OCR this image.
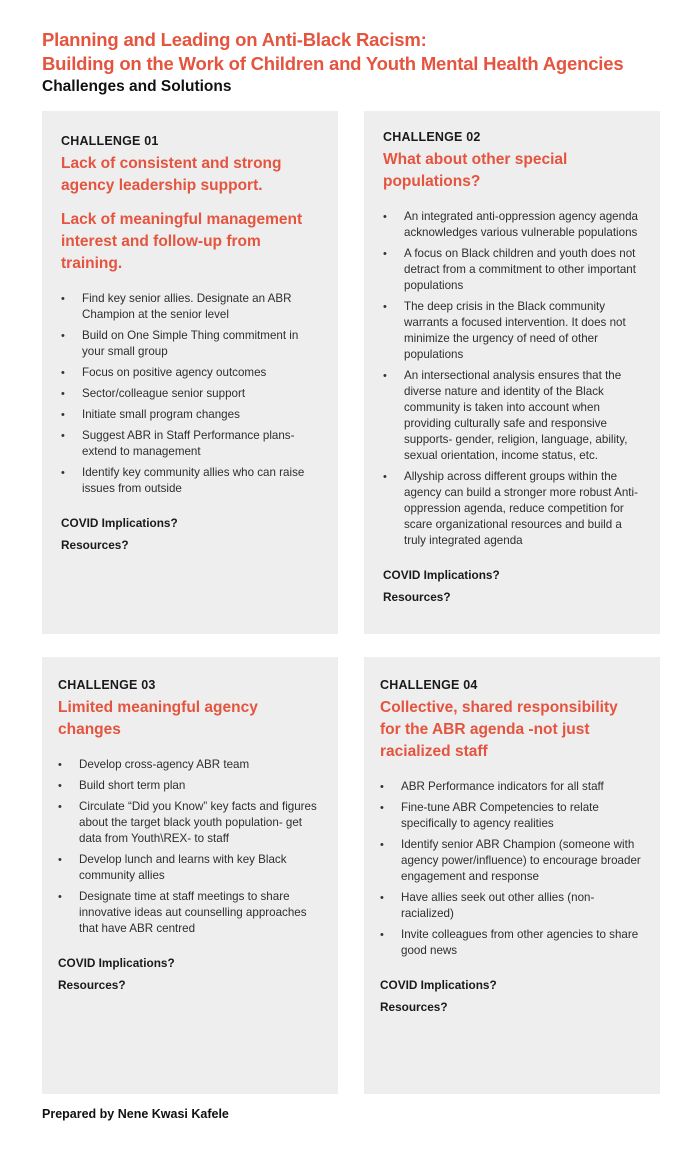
Planning and Leading on Anti-Black Racism:
Building on the Work of Children and Youth Mental Health Agencies
Challenges and Solutions
CHALLENGE 01
Lack of consistent and strong agency leadership support.
Lack of meaningful management interest and follow-up from training.
• Find key senior allies. Designate an ABR Champion at the senior level
• Build on One Simple Thing commitment in your small group
• Focus on positive agency outcomes
• Sector/colleague senior support
• Initiate small program changes
• Suggest ABR in Staff Performance plans- extend to management
• Identify key community allies who can raise issues from outside
COVID Implications?
Resources?
CHALLENGE 02
What about other special populations?
• An integrated anti-oppression agency agenda acknowledges various vulnerable populations
• A focus on Black children and youth does not detract from a commitment to other important populations
• The deep crisis in the Black community warrants a focused intervention. It does not minimize the urgency of need of other populations
• An intersectional analysis ensures that the diverse nature and identity of the Black community is taken into account when providing culturally safe and responsive supports- gender, religion, language, ability, sexual orientation, income status, etc.
• Allyship across different groups within the agency can build a stronger more robust Anti-oppression agenda, reduce competition for scare organizational resources and build a truly integrated agenda
COVID Implications?
Resources?
CHALLENGE 03
Limited meaningful agency changes
• Develop cross-agency ABR team
• Build short term plan
• Circulate “Did you Know” key facts and figures about the target black youth population- get data from Youth\REX- to staff
• Develop lunch and learns with key Black community allies
• Designate time at staff meetings to share innovative ideas aut counselling approaches that have ABR centred
COVID Implications?
Resources?
CHALLENGE 04
Collective, shared responsibility for the ABR agenda -not just racialized staff
• ABR Performance indicators for all staff
• Fine-tune ABR Competencies to relate specifically to agency realities
• Identify senior ABR Champion (someone with agency power/influence) to encourage broader engagement and response
• Have allies seek out other allies (non-racialized)
• Invite colleagues from other agencies to share good news
COVID Implications?
Resources?
Prepared by Nene Kwasi Kafele
